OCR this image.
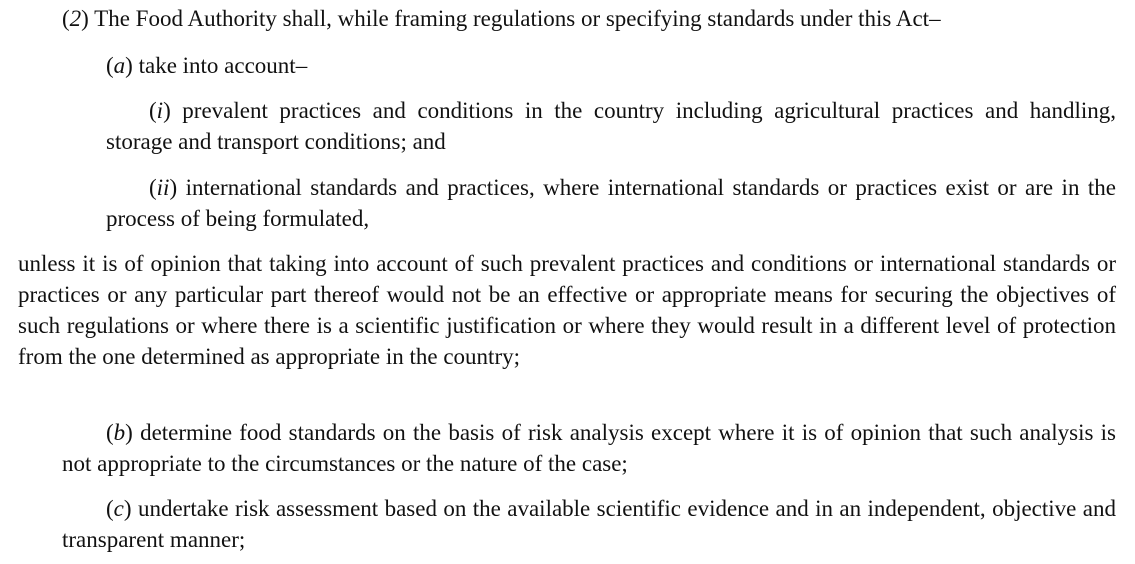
(2) The Food Authority shall, while framing regulations or specifying standards under this Act–

(a) take into account–

(i) prevalent practices and conditions in the country including agricultural practices and handling, storage and transport conditions; and

(ii) international standards and practices, where international standards or practices exist or are in the process of being formulated,

unless it is of opinion that taking into account of such prevalent practices and conditions or international standards or practices or any particular part thereof would not be an effective or appropriate means for securing the objectives of such regulations or where there is a scientific justification or where they would result in a different level of protection from the one determined as appropriate in the country;

(b) determine food standards on the basis of risk analysis except where it is of opinion that such analysis is not appropriate to the circumstances or the nature of the case;

(c) undertake risk assessment based on the available scientific evidence and in an independent, objective and transparent manner;
